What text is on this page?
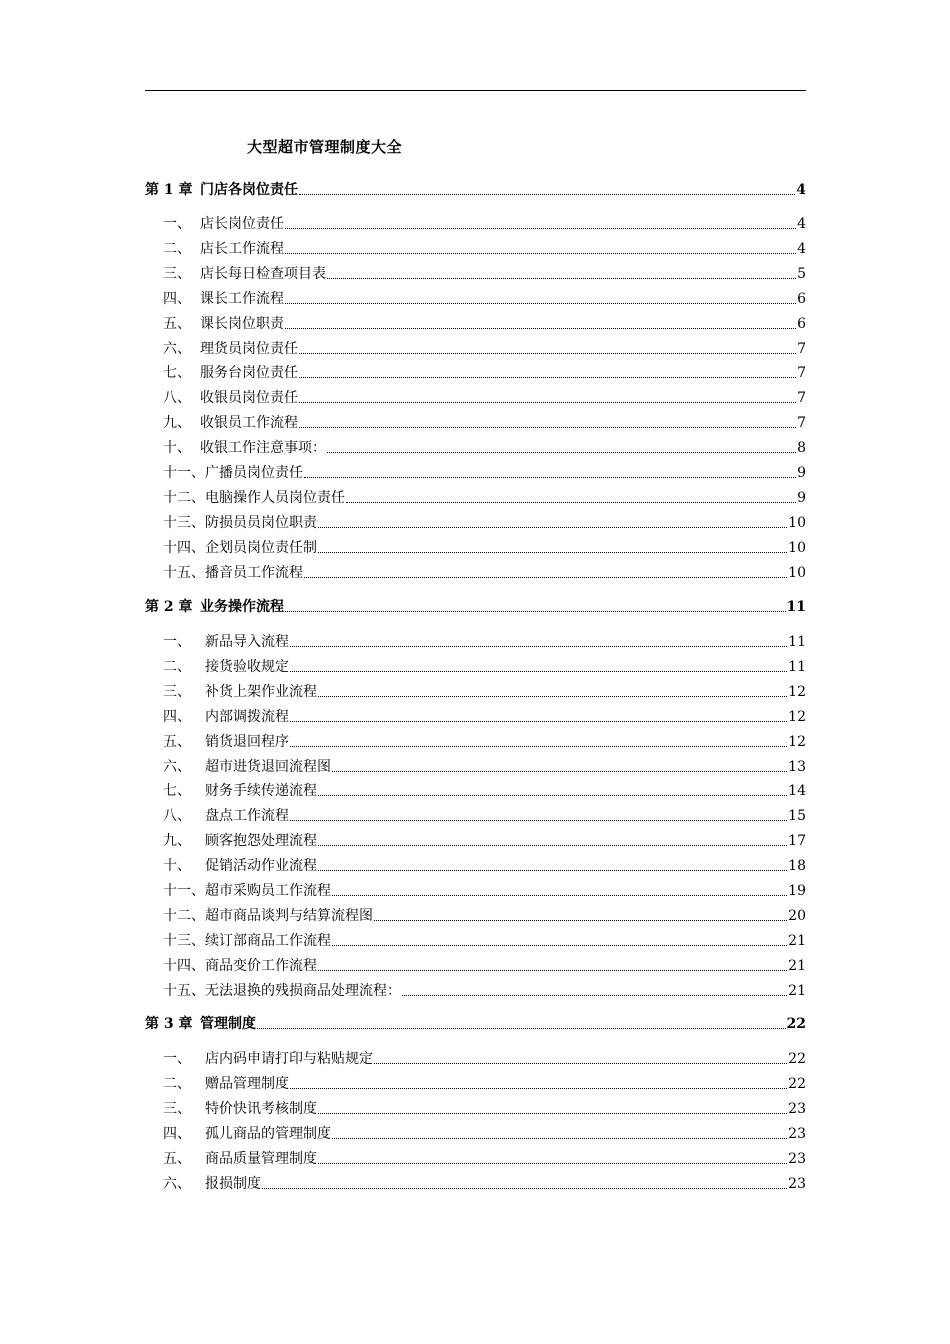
大型超市管理制度大全
第 1 章 门店各岗位责任	4
一、 店长岗位责任	4
二、 店长工作流程	4
三、 店长每日检查项目表	5
四、 课长工作流程	6
五、 课长岗位职责	6
六、 理货员岗位责任	7
七、 服务台岗位责任	7
八、 收银员岗位责任	7
九、 收银员工作流程	7
十、 收银工作注意事项：	8
十一、 广播员岗位责任	9
十二、 电脑操作人员岗位责任	9
十三、 防损员员岗位职责	10
十四、 企划员岗位责任制	10
十五、 播音员工作流程	10
第 2 章 业务操作流程	11
一、	新品导入流程	11
二、	接货验收规定	11
三、	补货上架作业流程	12
四、	内部调拨流程	12
五、	销货退回程序	12
六、	超市进货退回流程图	13
七、	财务手续传递流程	14
八、	盘点工作流程	15
九、	顾客抱怨处理流程	17
十、	促销活动作业流程	18
十一、 超市采购员工作流程	19
十二、 超市商品谈判与结算流程图	20
十三、 续订部商品工作流程	21
十四、 商品变价工作流程	21
十五、 无法退换的残损商品处理流程：	21
第 3 章 管理制度	22
一、	店内码申请打印与粘贴规定	22
二、	赠品管理制度	22
三、	特价快讯考核制度	23
四、	孤儿商品的管理制度	23
五、	商品质量管理制度	23
六、	报损制度	23
